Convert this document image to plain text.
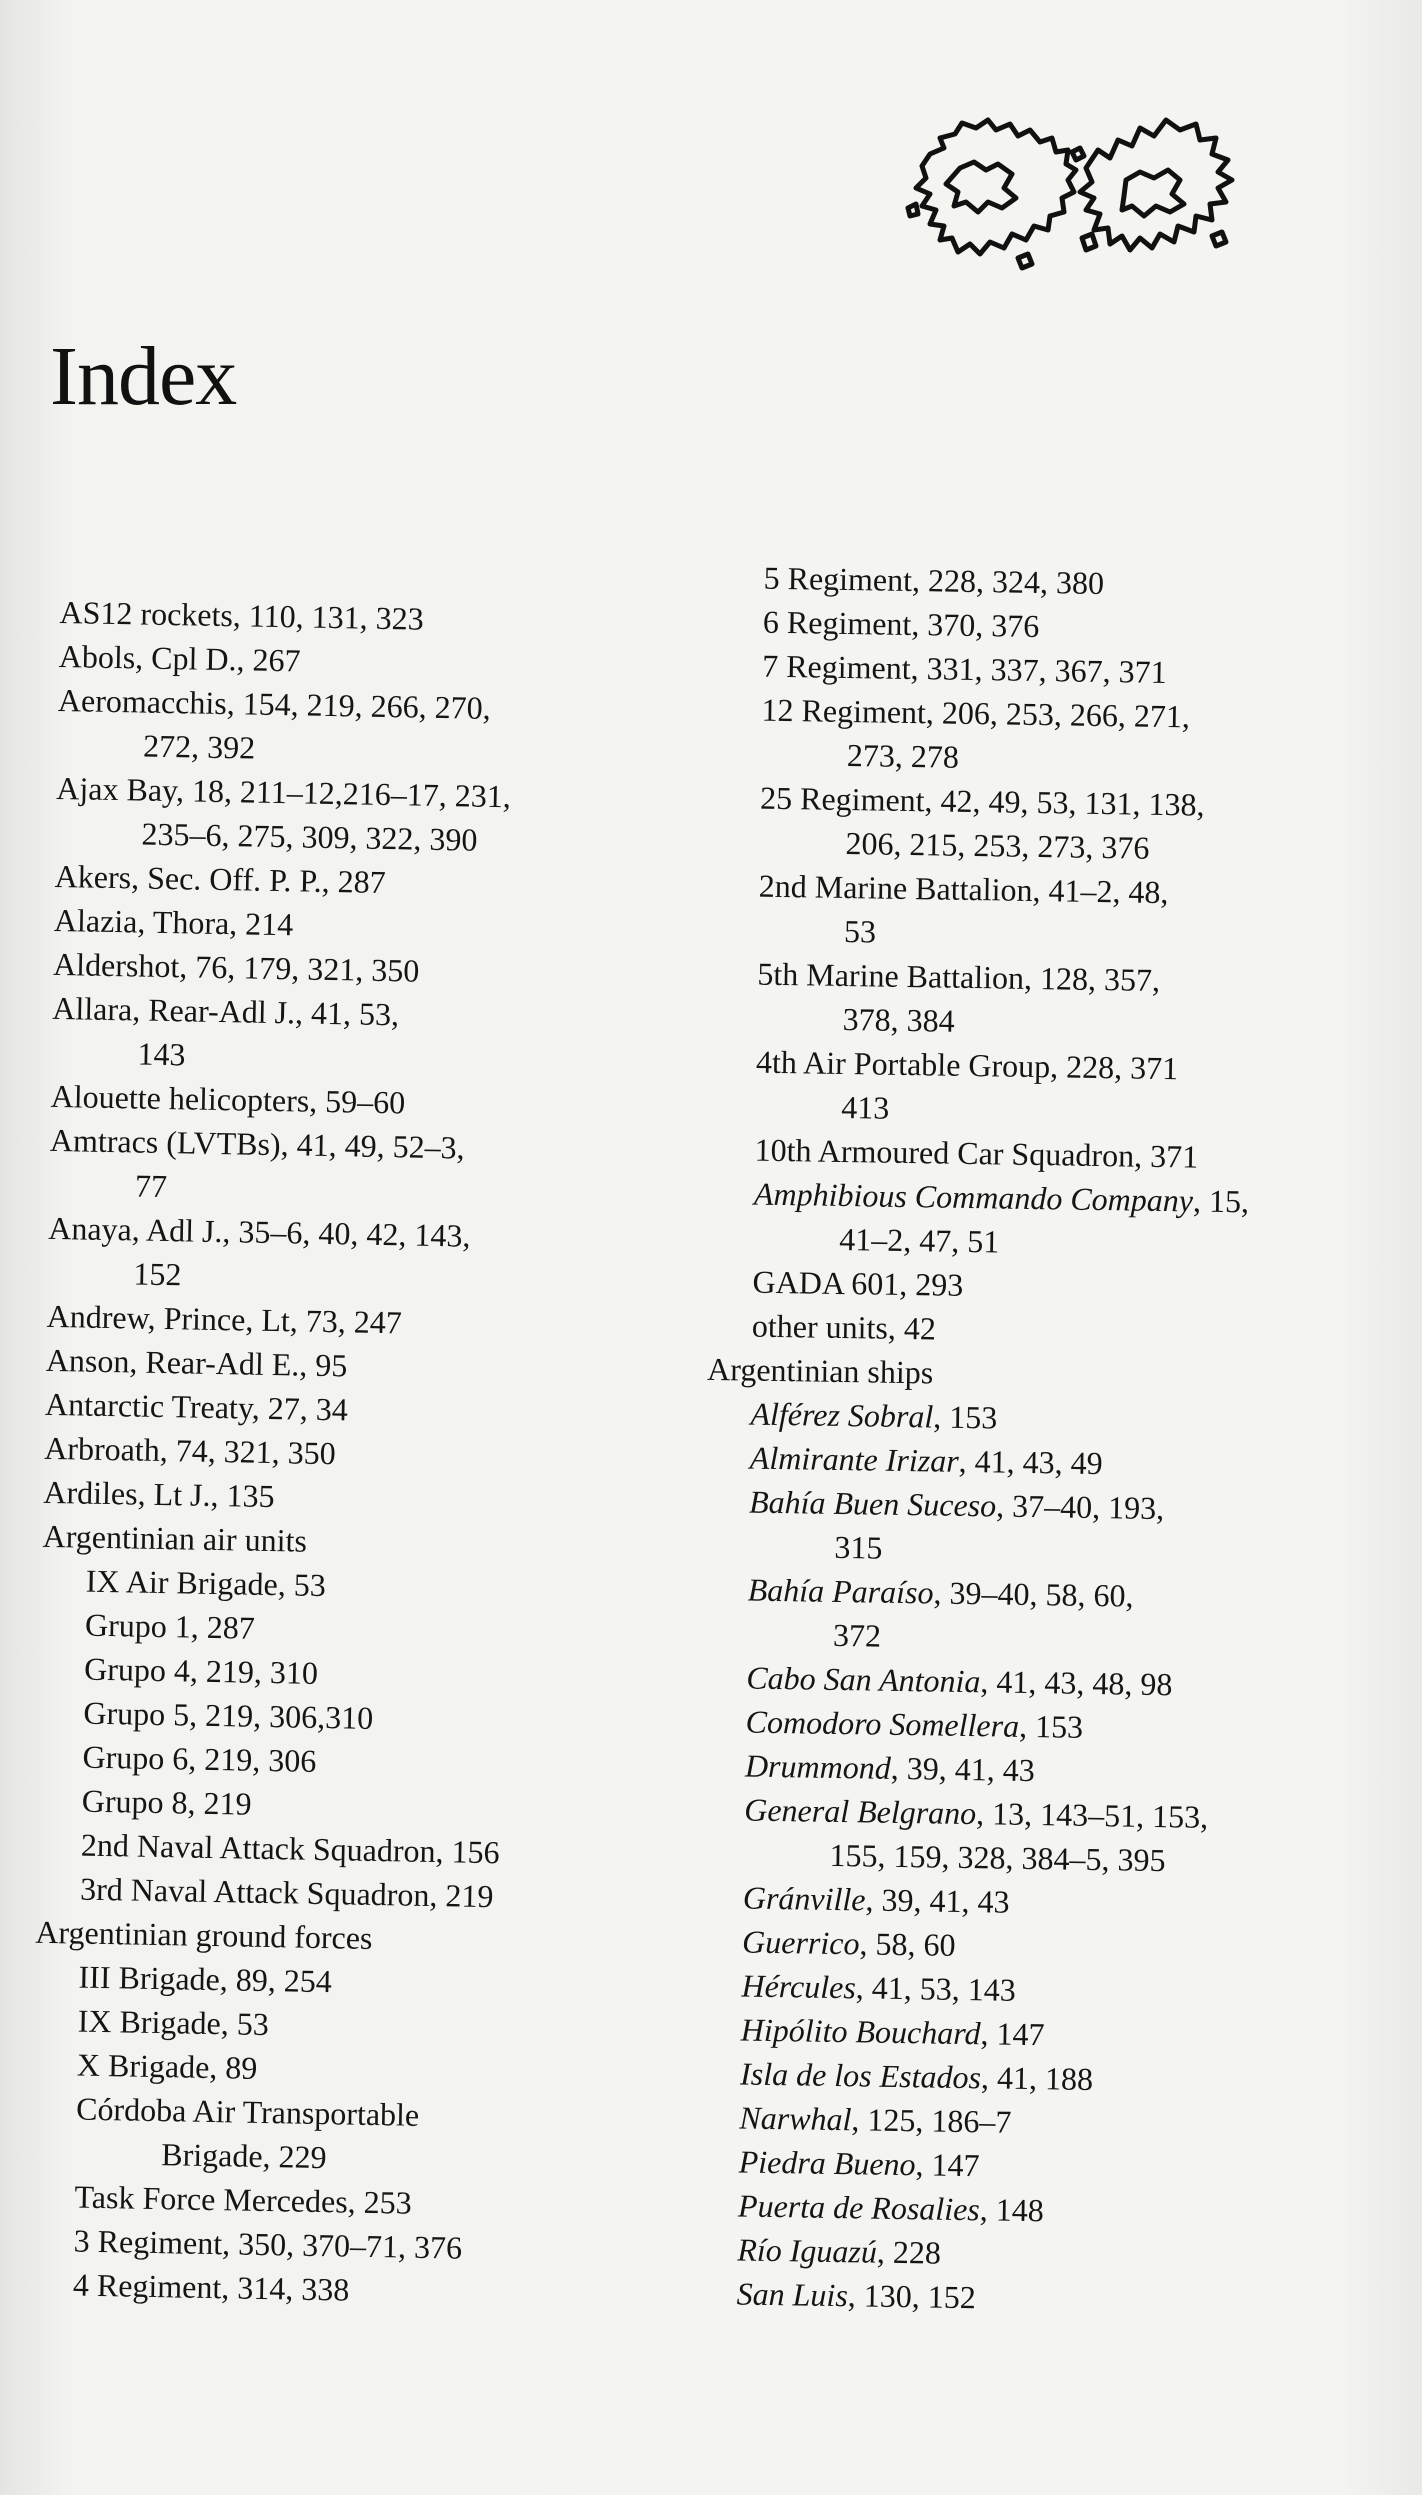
Index
AS12 rockets, 110, 131, 323
Abols, Cpl D., 267
Aeromacchis, 154, 219, 266, 270,
272, 392
Ajax Bay, 18, 211–12,216–17, 231,
235–6, 275, 309, 322, 390
Akers, Sec. Off. P. P., 287
Alazia, Thora, 214
Aldershot, 76, 179, 321, 350
Allara, Rear-Adl J., 41, 53,
143
Alouette helicopters, 59–60
Amtracs (LVTBs), 41, 49, 52–3,
77
Anaya, Adl J., 35–6, 40, 42, 143,
152
Andrew, Prince, Lt, 73, 247
Anson, Rear-Adl E., 95
Antarctic Treaty, 27, 34
Arbroath, 74, 321, 350
Ardiles, Lt J., 135
Argentinian air units
IX Air Brigade, 53
Grupo 1, 287
Grupo 4, 219, 310
Grupo 5, 219, 306,310
Grupo 6, 219, 306
Grupo 8, 219
2nd Naval Attack Squadron, 156
3rd Naval Attack Squadron, 219
Argentinian ground forces
III Brigade, 89, 254
IX Brigade, 53
X Brigade, 89
Córdoba Air Transportable
Brigade, 229
Task Force Mercedes, 253
3 Regiment, 350, 370–71, 376
4 Regiment, 314, 338
5 Regiment, 228, 324, 380
6 Regiment, 370, 376
7 Regiment, 331, 337, 367, 371
12 Regiment, 206, 253, 266, 271,
273, 278
25 Regiment, 42, 49, 53, 131, 138,
206, 215, 253, 273, 376
2nd Marine Battalion, 41–2, 48,
53
5th Marine Battalion, 128, 357,
378, 384
4th Air Portable Group, 228, 371
413
10th Armoured Car Squadron, 371
Amphibious Commando Company, 15,
41–2, 47, 51
GADA 601, 293
other units, 42
Argentinian ships
Alférez Sobral, 153
Almirante Irizar, 41, 43, 49
Bahía Buen Suceso, 37–40, 193,
315
Bahía Paraíso, 39–40, 58, 60,
372
Cabo San Antonia, 41, 43, 48, 98
Comodoro Somellera, 153
Drummond, 39, 41, 43
General Belgrano, 13, 143–51, 153,
155, 159, 328, 384–5, 395
Gránville, 39, 41, 43
Guerrico, 58, 60
Hércules, 41, 53, 143
Hipólito Bouchard, 147
Isla de los Estados, 41, 188
Narwhal, 125, 186–7
Piedra Bueno, 147
Puerta de Rosalies, 148
Río Iguazú, 228
San Luis, 130, 152
